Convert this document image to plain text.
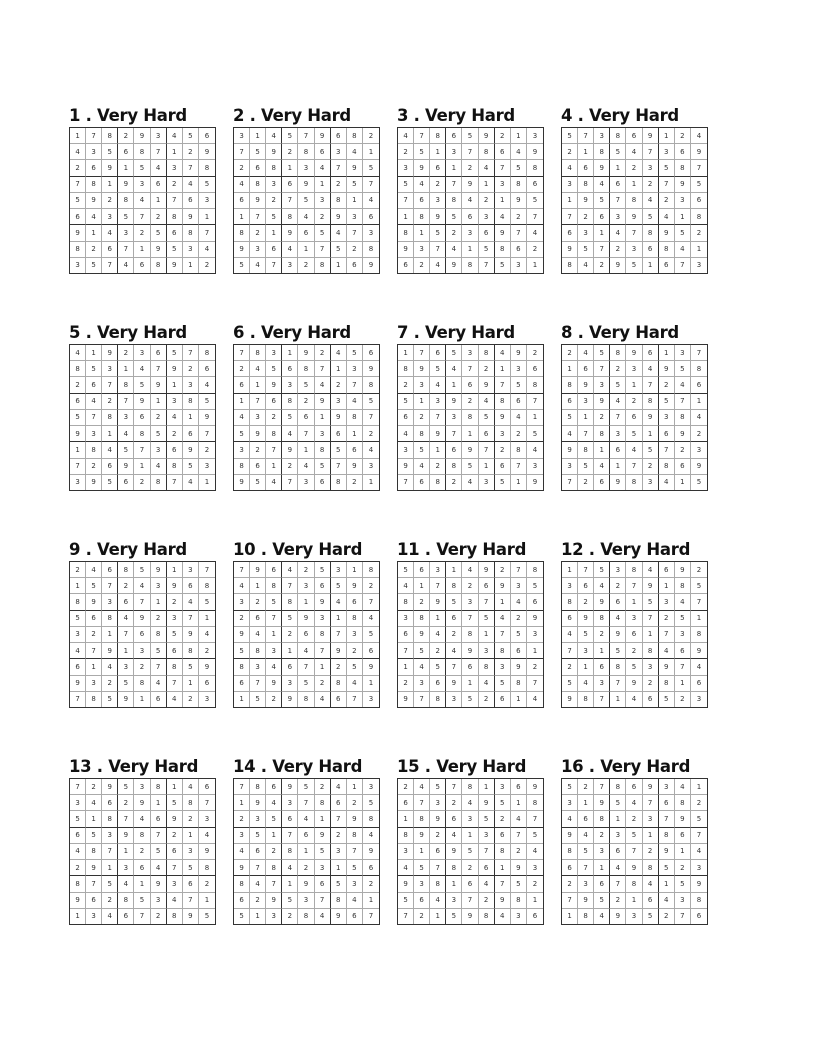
1 . Very Hard
1	7	8	2	9	3	4	5	6
4	3	5	6	8	7	1	2	9
2	6	9	1	5	4	3	7	8
7	8	1	9	3	6	2	4	5
5	9	2	8	4	1	7	6	3
6	4	3	5	7	2	8	9	1
9	1	4	3	2	5	6	8	7
8	2	6	7	1	9	5	3	4
3	5	7	4	6	8	9	1	2
2 . Very Hard
3	1	4	5	7	9	6	8	2
7	5	9	2	8	6	3	4	1
2	6	8	1	3	4	7	9	5
4	8	3	6	9	1	2	5	7
6	9	2	7	5	3	8	1	4
1	7	5	8	4	2	9	3	6
8	2	1	9	6	5	4	7	3
9	3	6	4	1	7	5	2	8
5	4	7	3	2	8	1	6	9
3 . Very Hard
4	7	8	6	5	9	2	1	3
2	5	1	3	7	8	6	4	9
3	9	6	1	2	4	7	5	8
5	4	2	7	9	1	3	8	6
7	6	3	8	4	2	1	9	5
1	8	9	5	6	3	4	2	7
8	1	5	2	3	6	9	7	4
9	3	7	4	1	5	8	6	2
6	2	4	9	8	7	5	3	1
4 . Very Hard
5	7	3	8	6	9	1	2	4
2	1	8	5	4	7	3	6	9
4	6	9	1	2	3	5	8	7
3	8	4	6	1	2	7	9	5
1	9	5	7	8	4	2	3	6
7	2	6	3	9	5	4	1	8
6	3	1	4	7	8	9	5	2
9	5	7	2	3	6	8	4	1
8	4	2	9	5	1	6	7	3
5 . Very Hard
4	1	9	2	3	6	5	7	8
8	5	3	1	4	7	9	2	6
2	6	7	8	5	9	1	3	4
6	4	2	7	9	1	3	8	5
5	7	8	3	6	2	4	1	9
9	3	1	4	8	5	2	6	7
1	8	4	5	7	3	6	9	2
7	2	6	9	1	4	8	5	3
3	9	5	6	2	8	7	4	1
6 . Very Hard
7	8	3	1	9	2	4	5	6
2	4	5	6	8	7	1	3	9
6	1	9	3	5	4	2	7	8
1	7	6	8	2	9	3	4	5
4	3	2	5	6	1	9	8	7
5	9	8	4	7	3	6	1	2
3	2	7	9	1	8	5	6	4
8	6	1	2	4	5	7	9	3
9	5	4	7	3	6	8	2	1
7 . Very Hard
1	7	6	5	3	8	4	9	2
8	9	5	4	7	2	1	3	6
2	3	4	1	6	9	7	5	8
5	1	3	9	2	4	8	6	7
6	2	7	3	8	5	9	4	1
4	8	9	7	1	6	3	2	5
3	5	1	6	9	7	2	8	4
9	4	2	8	5	1	6	7	3
7	6	8	2	4	3	5	1	9
8 . Very Hard
2	4	5	8	9	6	1	3	7
1	6	7	2	3	4	9	5	8
8	9	3	5	1	7	2	4	6
6	3	9	4	2	8	5	7	1
5	1	2	7	6	9	3	8	4
4	7	8	3	5	1	6	9	2
9	8	1	6	4	5	7	2	3
3	5	4	1	7	2	8	6	9
7	2	6	9	8	3	4	1	5
9 . Very Hard
2	4	6	8	5	9	1	3	7
1	5	7	2	4	3	9	6	8
8	9	3	6	7	1	2	4	5
5	6	8	4	9	2	3	7	1
3	2	1	7	6	8	5	9	4
4	7	9	1	3	5	6	8	2
6	1	4	3	2	7	8	5	9
9	3	2	5	8	4	7	1	6
7	8	5	9	1	6	4	2	3
10 . Very Hard
7	9	6	4	2	5	3	1	8
4	1	8	7	3	6	5	9	2
3	2	5	8	1	9	4	6	7
2	6	7	5	9	3	1	8	4
9	4	1	2	6	8	7	3	5
5	8	3	1	4	7	9	2	6
8	3	4	6	7	1	2	5	9
6	7	9	3	5	2	8	4	1
1	5	2	9	8	4	6	7	3
11 . Very Hard
5	6	3	1	4	9	2	7	8
4	1	7	8	2	6	9	3	5
8	2	9	5	3	7	1	4	6
3	8	1	6	7	5	4	2	9
6	9	4	2	8	1	7	5	3
7	5	2	4	9	3	8	6	1
1	4	5	7	6	8	3	9	2
2	3	6	9	1	4	5	8	7
9	7	8	3	5	2	6	1	4
12 . Very Hard
1	7	5	3	8	4	6	9	2
3	6	4	2	7	9	1	8	5
8	2	9	6	1	5	3	4	7
6	9	8	4	3	7	2	5	1
4	5	2	9	6	1	7	3	8
7	3	1	5	2	8	4	6	9
2	1	6	8	5	3	9	7	4
5	4	3	7	9	2	8	1	6
9	8	7	1	4	6	5	2	3
13 . Very Hard
7	2	9	5	3	8	1	4	6
3	4	6	2	9	1	5	8	7
5	1	8	7	4	6	9	2	3
6	5	3	9	8	7	2	1	4
4	8	7	1	2	5	6	3	9
2	9	1	3	6	4	7	5	8
8	7	5	4	1	9	3	6	2
9	6	2	8	5	3	4	7	1
1	3	4	6	7	2	8	9	5
14 . Very Hard
7	8	6	9	5	2	4	1	3
1	9	4	3	7	8	6	2	5
2	3	5	6	4	1	7	9	8
3	5	1	7	6	9	2	8	4
4	6	2	8	1	5	3	7	9
9	7	8	4	2	3	1	5	6
8	4	7	1	9	6	5	3	2
6	2	9	5	3	7	8	4	1
5	1	3	2	8	4	9	6	7
15 . Very Hard
2	4	5	7	8	1	3	6	9
6	7	3	2	4	9	5	1	8
1	8	9	6	3	5	2	4	7
8	9	2	4	1	3	6	7	5
3	1	6	9	5	7	8	2	4
4	5	7	8	2	6	1	9	3
9	3	8	1	6	4	7	5	2
5	6	4	3	7	2	9	8	1
7	2	1	5	9	8	4	3	6
16 . Very Hard
5	2	7	8	6	9	3	4	1
3	1	9	5	4	7	6	8	2
4	6	8	1	2	3	7	9	5
9	4	2	3	5	1	8	6	7
8	5	3	6	7	2	9	1	4
6	7	1	4	9	8	5	2	3
2	3	6	7	8	4	1	5	9
7	9	5	2	1	6	4	3	8
1	8	4	9	3	5	2	7	6
